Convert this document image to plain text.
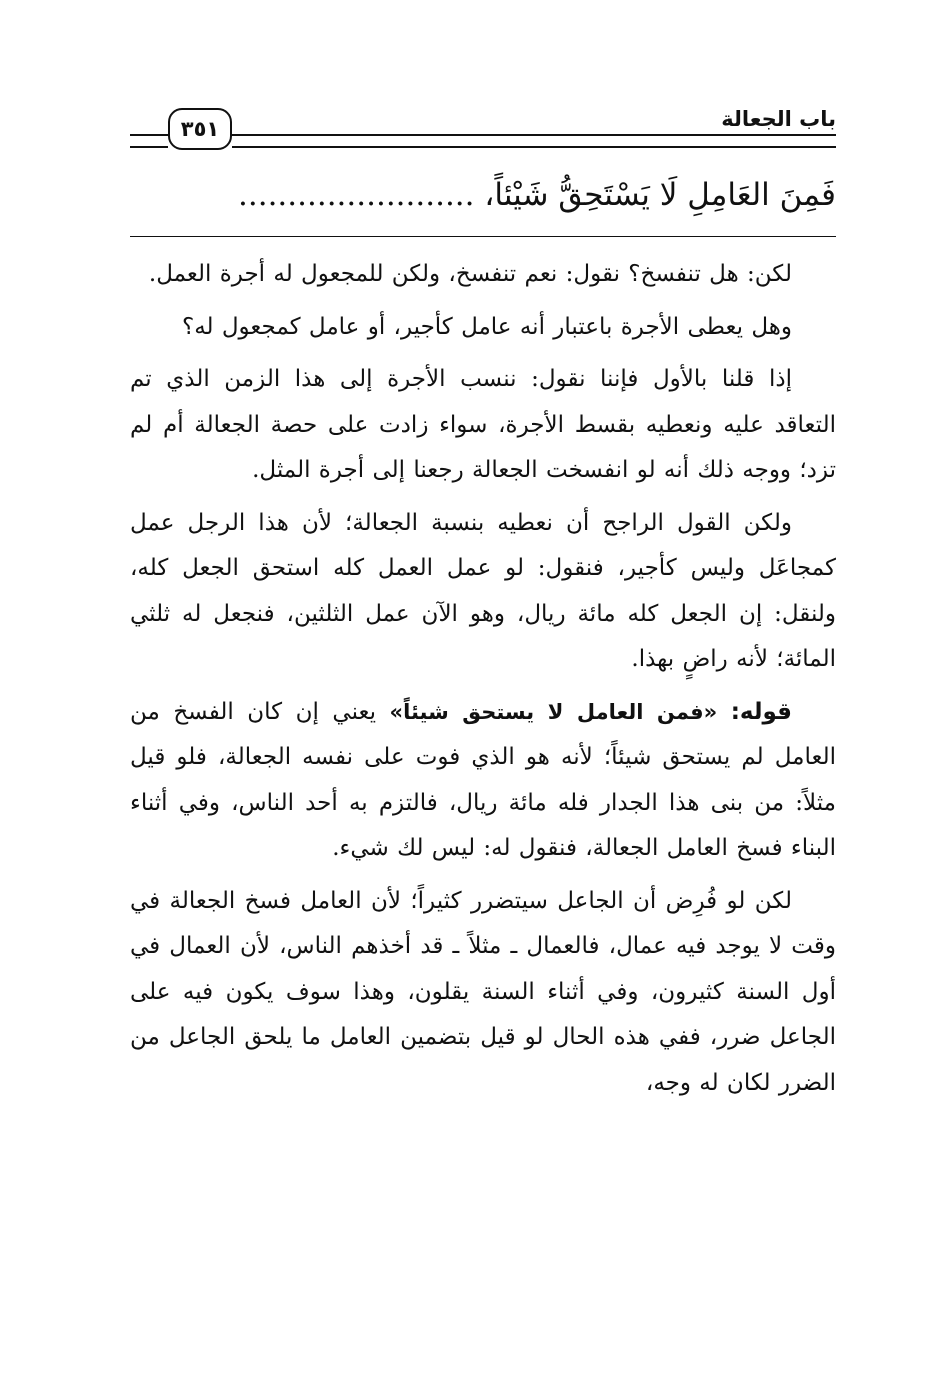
٣٥١	باب الجعالة
فَمِنَ العَامِلِ لَا يَسْتَحِقُّ شَيْئاً، ........................

لكن: هل تنفسخ؟ نقول: نعم تنفسخ، ولكن للمجعول له أجرة العمل.

وهل يعطى الأجرة باعتبار أنه عامل كأجير، أو عامل كمجعول له؟

إذا قلنا بالأول فإننا نقول: ننسب الأجرة إلى هذا الزمن الذي تم التعاقد عليه ونعطيه بقسط الأجرة، سواء زادت على حصة الجعالة أم لم تزد؛ ووجه ذلك أنه لو انفسخت الجعالة رجعنا إلى أجرة المثل.

ولكن القول الراجح أن نعطيه بنسبة الجعالة؛ لأن هذا الرجل عمل كمجاعَل وليس كأجير، فنقول: لو عمل العمل كله استحق الجعل كله، ولنقل: إن الجعل كله مائة ريال، وهو الآن عمل الثلثين، فنجعل له ثلثي المائة؛ لأنه راضٍ بهذا.

قوله: «فمن العامل لا يستحق شيئاً» يعني إن كان الفسخ من العامل لم يستحق شيئاً؛ لأنه هو الذي فوت على نفسه الجعالة، فلو قيل مثلاً: من بنى هذا الجدار فله مائة ريال، فالتزم به أحد الناس، وفي أثناء البناء فسخ العامل الجعالة، فنقول له: ليس لك شيء.

لكن لو فُرِض أن الجاعل سيتضرر كثيراً؛ لأن العامل فسخ الجعالة في وقت لا يوجد فيه عمال، فالعمال ـ مثلاً ـ قد أخذهم الناس، لأن العمال في أول السنة كثيرون، وفي أثناء السنة يقلون، وهذا سوف يكون فيه على الجاعل ضرر، ففي هذه الحال لو قيل بتضمين العامل ما يلحق الجاعل من الضرر لكان له وجه،
